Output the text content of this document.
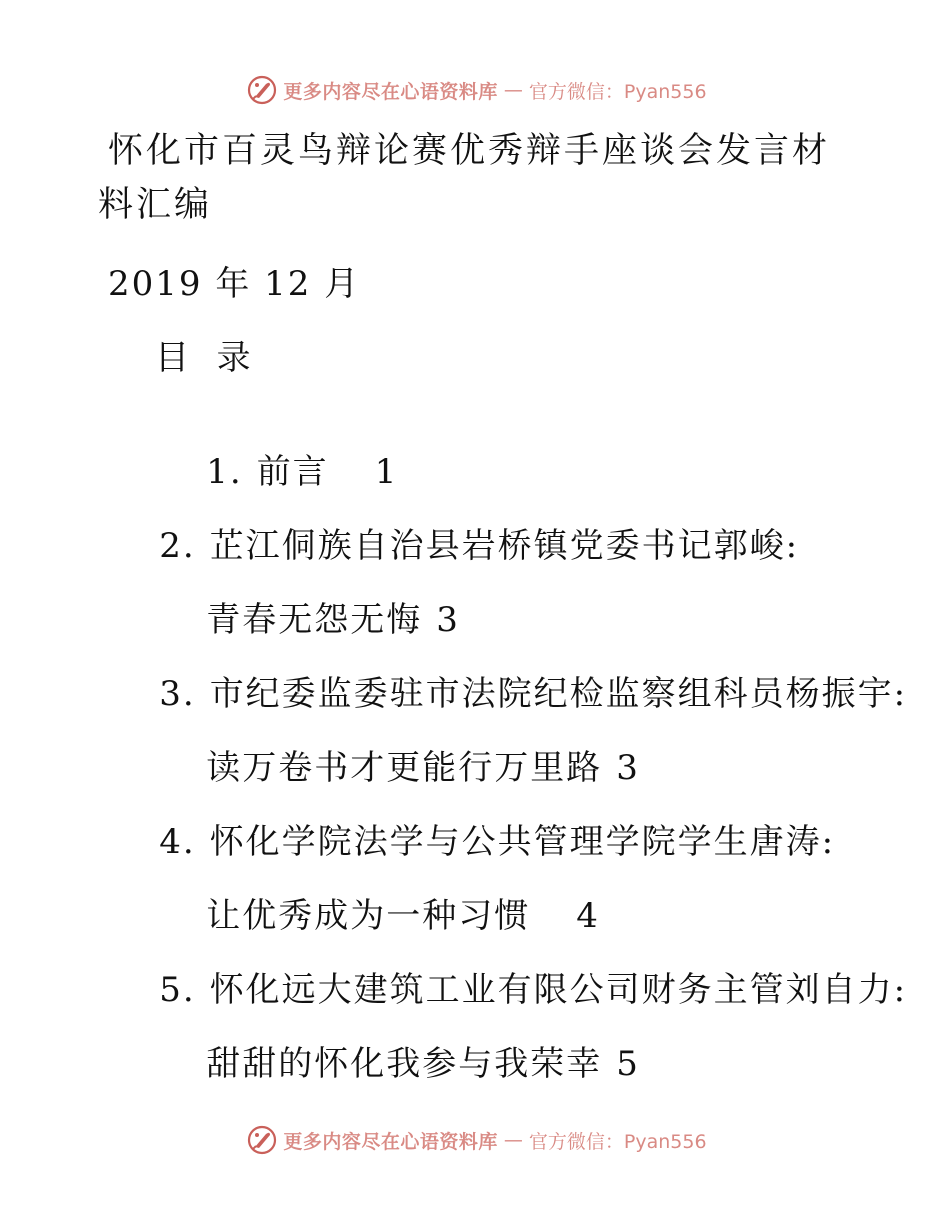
更多内容尽在心语资料库 — 官方微信：Pyan556
怀化市百灵鸟辩论赛优秀辩手座谈会发言材料汇编
2019 年 12 月
目  录

1. 前言 1

2. 芷江侗族自治县岩桥镇党委书记郭峻:

青春无怨无悔 3

3. 市纪委监委驻市法院纪检监察组科员杨振宇:

读万卷书才更能行万里路 3

4. 怀化学院法学与公共管理学院学生唐涛:

让优秀成为一种习惯 4

5. 怀化远大建筑工业有限公司财务主管刘自力:

甜甜的怀化我参与我荣幸 5

更多内容尽在心语资料库 — 官方微信：Pyan556
